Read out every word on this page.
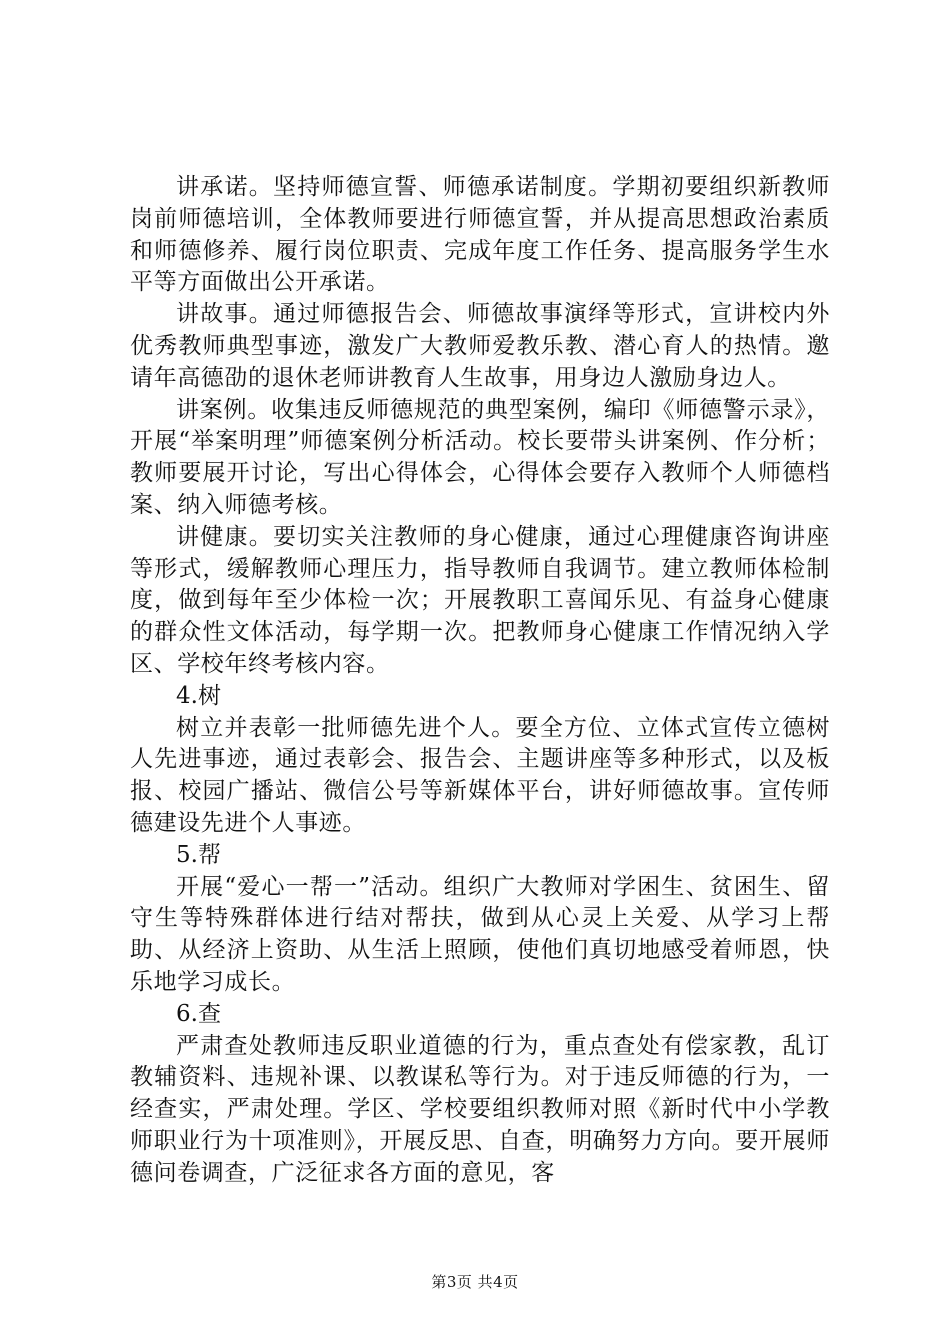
讲承诺。坚持师德宣誓、师德承诺制度。学期初要组织新教师岗前师德培训，全体教师要进行师德宣誓，并从提高思想政治素质和师德修养、履行岗位职责、完成年度工作任务、提高服务学生水平等方面做出公开承诺。

讲故事。通过师德报告会、师德故事演绎等形式，宣讲校内外优秀教师典型事迹，激发广大教师爱教乐教、潜心育人的热情。邀请年高德劭的退休老师讲教育人生故事，用身边人激励身边人。

讲案例。收集违反师德规范的典型案例，编印《师德警示录》，开展“举案明理”师德案例分析活动。校长要带头讲案例、作分析；教师要展开讨论，写出心得体会，心得体会要存入教师个人师德档案、纳入师德考核。

讲健康。要切实关注教师的身心健康，通过心理健康咨询讲座等形式，缓解教师心理压力，指导教师自我调节。建立教师体检制度，做到每年至少体检一次；开展教职工喜闻乐见、有益身心健康的群众性文体活动，每学期一次。把教师身心健康工作情况纳入学区、学校年终考核内容。

4.树

树立并表彰一批师德先进个人。要全方位、立体式宣传立德树人先进事迹，通过表彰会、报告会、主题讲座等多种形式，以及板报、校园广播站、微信公号等新媒体平台，讲好师德故事。宣传师德建设先进个人事迹。

5.帮

开展“爱心一帮一”活动。组织广大教师对学困生、贫困生、留守生等特殊群体进行结对帮扶，做到从心灵上关爱、从学习上帮助、从经济上资助、从生活上照顾，使他们真切地感受着师恩，快乐地学习成长。

6.查

严肃查处教师违反职业道德的行为，重点查处有偿家教，乱订教辅资料、违规补课、以教谋私等行为。对于违反师德的行为，一经查实，严肃处理。学区、学校要组织教师对照《新时代中小学教师职业行为十项准则》，开展反思、自查，明确努力方向。要开展师德问卷调查，广泛征求各方面的意见，客

第3页 共4页
